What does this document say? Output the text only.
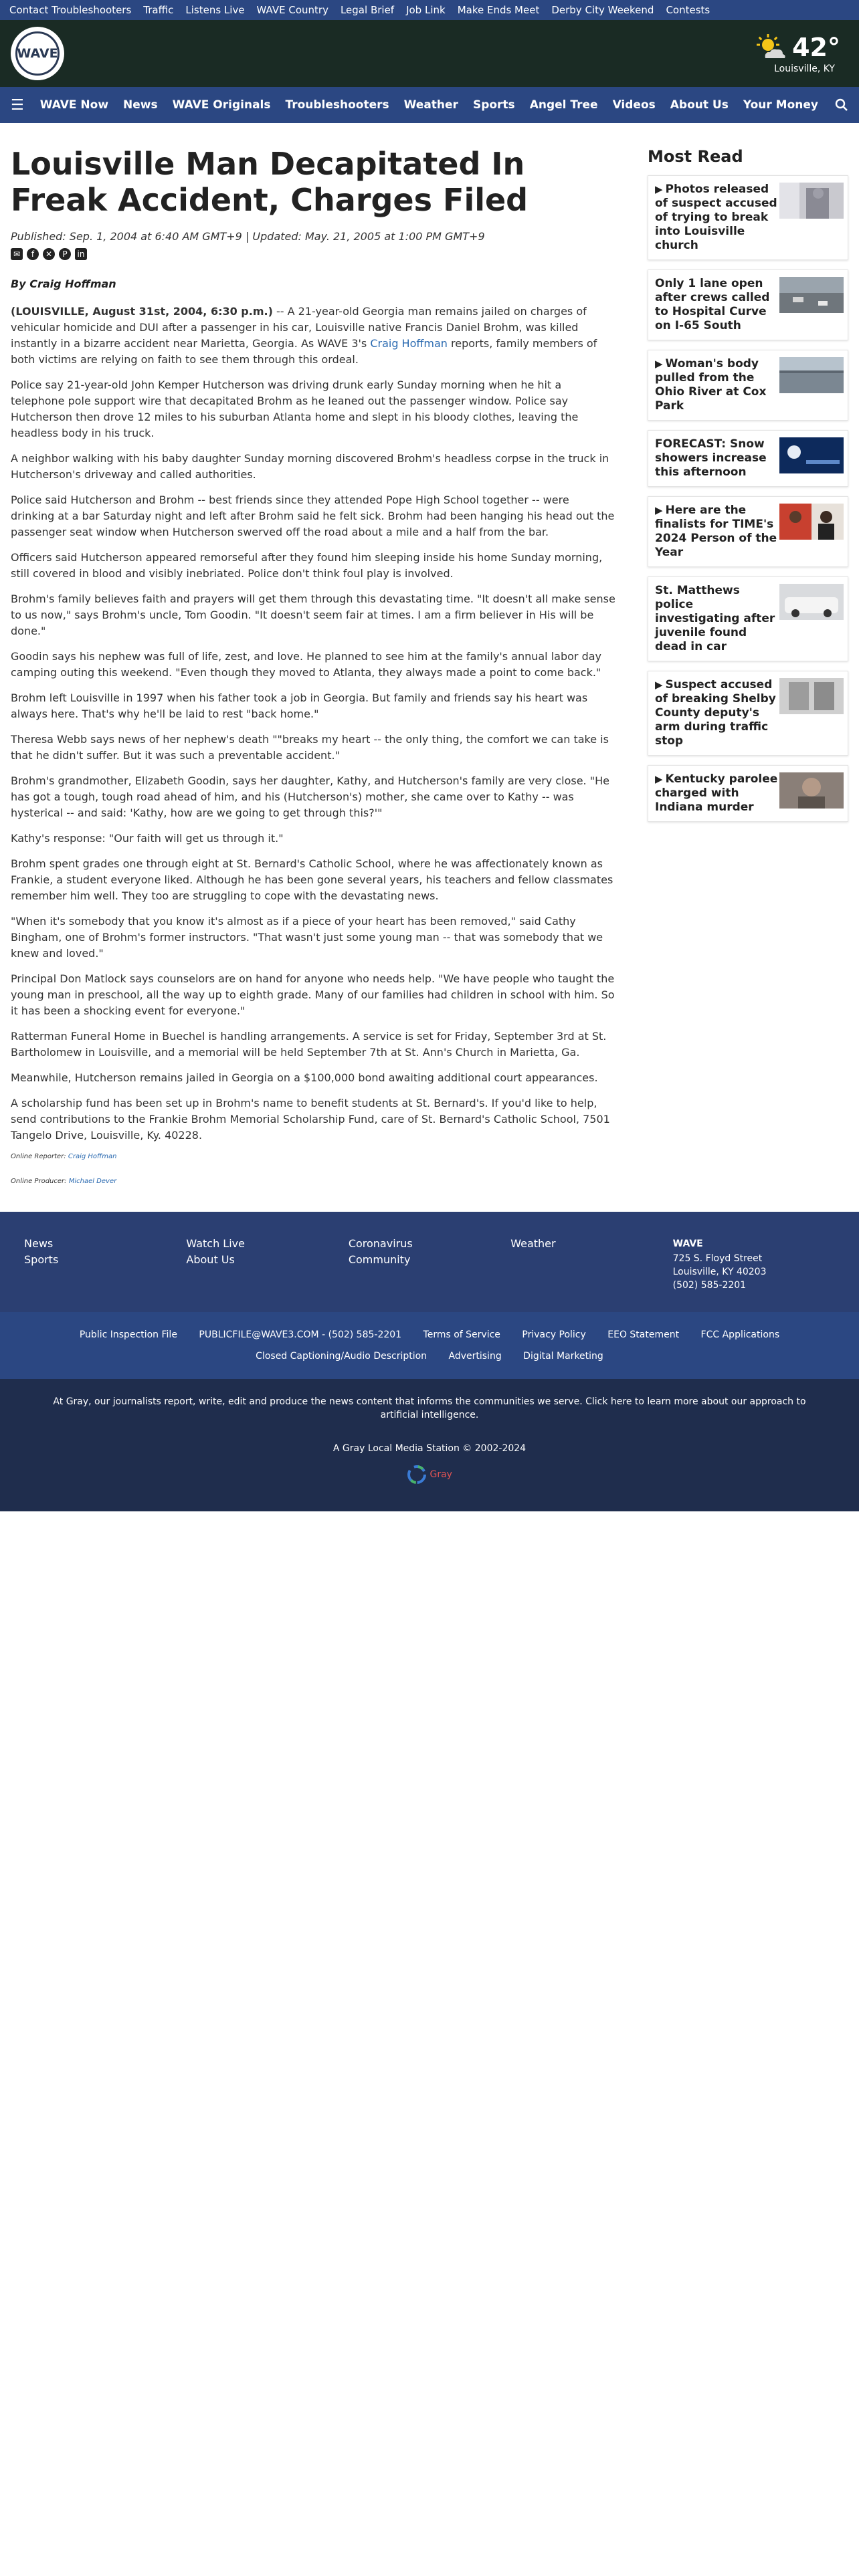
Contact Troubleshooters Traffic Listens Live WAVE Country Legal Brief Job Link Make Ends Meet Derby City Weekend Contests
WAVE	42°
Louisville, KY
☰ WAVE Now News WAVE Originals Troubleshooters Weather Sports Angel Tree Videos About Us Your Money
Louisville Man Decapitated In Freak Accident, Charges Filed
Published: Sep. 1, 2004 at 6:40 AM GMT+9 | Updated: May. 21, 2005 at 1:00 PM GMT+9
✉	f	✕	P	in
By Craig Hoffman

(LOUISVILLE, August 31st, 2004, 6:30 p.m.) -- A 21-year-old Georgia man remains jailed on charges of vehicular homicide and DUI after a passenger in his car, Louisville native Francis Daniel Brohm, was killed instantly in a bizarre accident near Marietta, Georgia. As WAVE 3's Craig Hoffman reports, family members of both victims are relying on faith to see them through this ordeal.

Police say 21-year-old John Kemper Hutcherson was driving drunk early Sunday morning when he hit a telephone pole support wire that decapitated Brohm as he leaned out the passenger window. Police say Hutcherson then drove 12 miles to his suburban Atlanta home and slept in his bloody clothes, leaving the headless body in his truck.

A neighbor walking with his baby daughter Sunday morning discovered Brohm's headless corpse in the truck in Hutcherson's driveway and called authorities.

Police said Hutcherson and Brohm -- best friends since they attended Pope High School together -- were drinking at a bar Saturday night and left after Brohm said he felt sick. Brohm had been hanging his head out the passenger seat window when Hutcherson swerved off the road about a mile and a half from the bar.

Officers said Hutcherson appeared remorseful after they found him sleeping inside his home Sunday morning, still covered in blood and visibly inebriated. Police don't think foul play is involved.

Brohm's family believes faith and prayers will get them through this devastating time. "It doesn't all make sense to us now," says Brohm's uncle, Tom Goodin. "It doesn't seem fair at times. I am a firm believer in His will be done."

Goodin says his nephew was full of life, zest, and love. He planned to see him at the family's annual labor day camping outing this weekend. "Even though they moved to Atlanta, they always made a point to come back."

Brohm left Louisville in 1997 when his father took a job in Georgia. But family and friends say his heart was always here. That's why he'll be laid to rest "back home."

Theresa Webb says news of her nephew's death ""breaks my heart -- the only thing, the comfort we can take is that he didn't suffer. But it was such a preventable accident."

Brohm's grandmother, Elizabeth Goodin, says her daughter, Kathy, and Hutcherson's family are very close. "He has got a tough, tough road ahead of him, and his (Hutcherson's) mother, she came over to Kathy -- was hysterical -- and said: 'Kathy, how are we going to get through this?'"

Kathy's response: "Our faith will get us through it."

Brohm spent grades one through eight at St. Bernard's Catholic School, where he was affectionately known as Frankie, a student everyone liked. Although he has been gone several years, his teachers and fellow classmates remember him well. They too are struggling to cope with the devastating news.

"When it's somebody that you know it's almost as if a piece of your heart has been removed," said Cathy Bingham, one of Brohm's former instructors. "That wasn't just some young man -- that was somebody that we knew and loved."

Principal Don Matlock says counselors are on hand for anyone who needs help. "We have people who taught the young man in preschool, all the way up to eighth grade. Many of our families had children in school with him. So it has been a shocking event for everyone."

Ratterman Funeral Home in Buechel is handling arrangements. A service is set for Friday, September 3rd at St. Bartholomew in Louisville, and a memorial will be held September 7th at St. Ann's Church in Marietta, Ga.

Meanwhile, Hutcherson remains jailed in Georgia on a $100,000 bond awaiting additional court appearances.

A scholarship fund has been set up in Brohm's name to benefit students at St. Bernard's. If you'd like to help, send contributions to the Frankie Brohm Memorial Scholarship Fund, care of St. Bernard's Catholic School, 7501 Tangelo Drive, Louisville, Ky. 40228.

Online Reporter: Craig Hoffman

Online Producer: Michael Dever

Most Read
▶︎ Photos released of suspect accused of trying to break into Louisville church
Only 1 lane open after crews called to Hospital Curve on I-65 South
▶︎ Woman's body pulled from the Ohio River at Cox Park
FORECAST: Snow showers increase this afternoon
▶︎ Here are the finalists for TIME's 2024 Person of the Year
St. Matthews police investigating after juvenile found dead in car
▶︎ Suspect accused of breaking Shelby County deputy's arm during traffic stop
▶︎ Kentucky parolee charged with Indiana murder
News
Sports
Watch Live
About Us
Coronavirus
Community
Weather	WAVE
725 S. Floyd Street
Louisville, KY 40203
(502) 585-2201
Public Inspection File PUBLICFILE@WAVE3.COM - (502) 585-2201 Terms of Service Privacy Policy EEO Statement FCC Applications
Closed Captioning/Audio Description Advertising Digital Marketing
At Gray, our journalists report, write, edit and produce the news content that informs the communities we serve. Click here to learn more about our approach to artificial intelligence.
A Gray Local Media Station © 2002-2024
Gray
